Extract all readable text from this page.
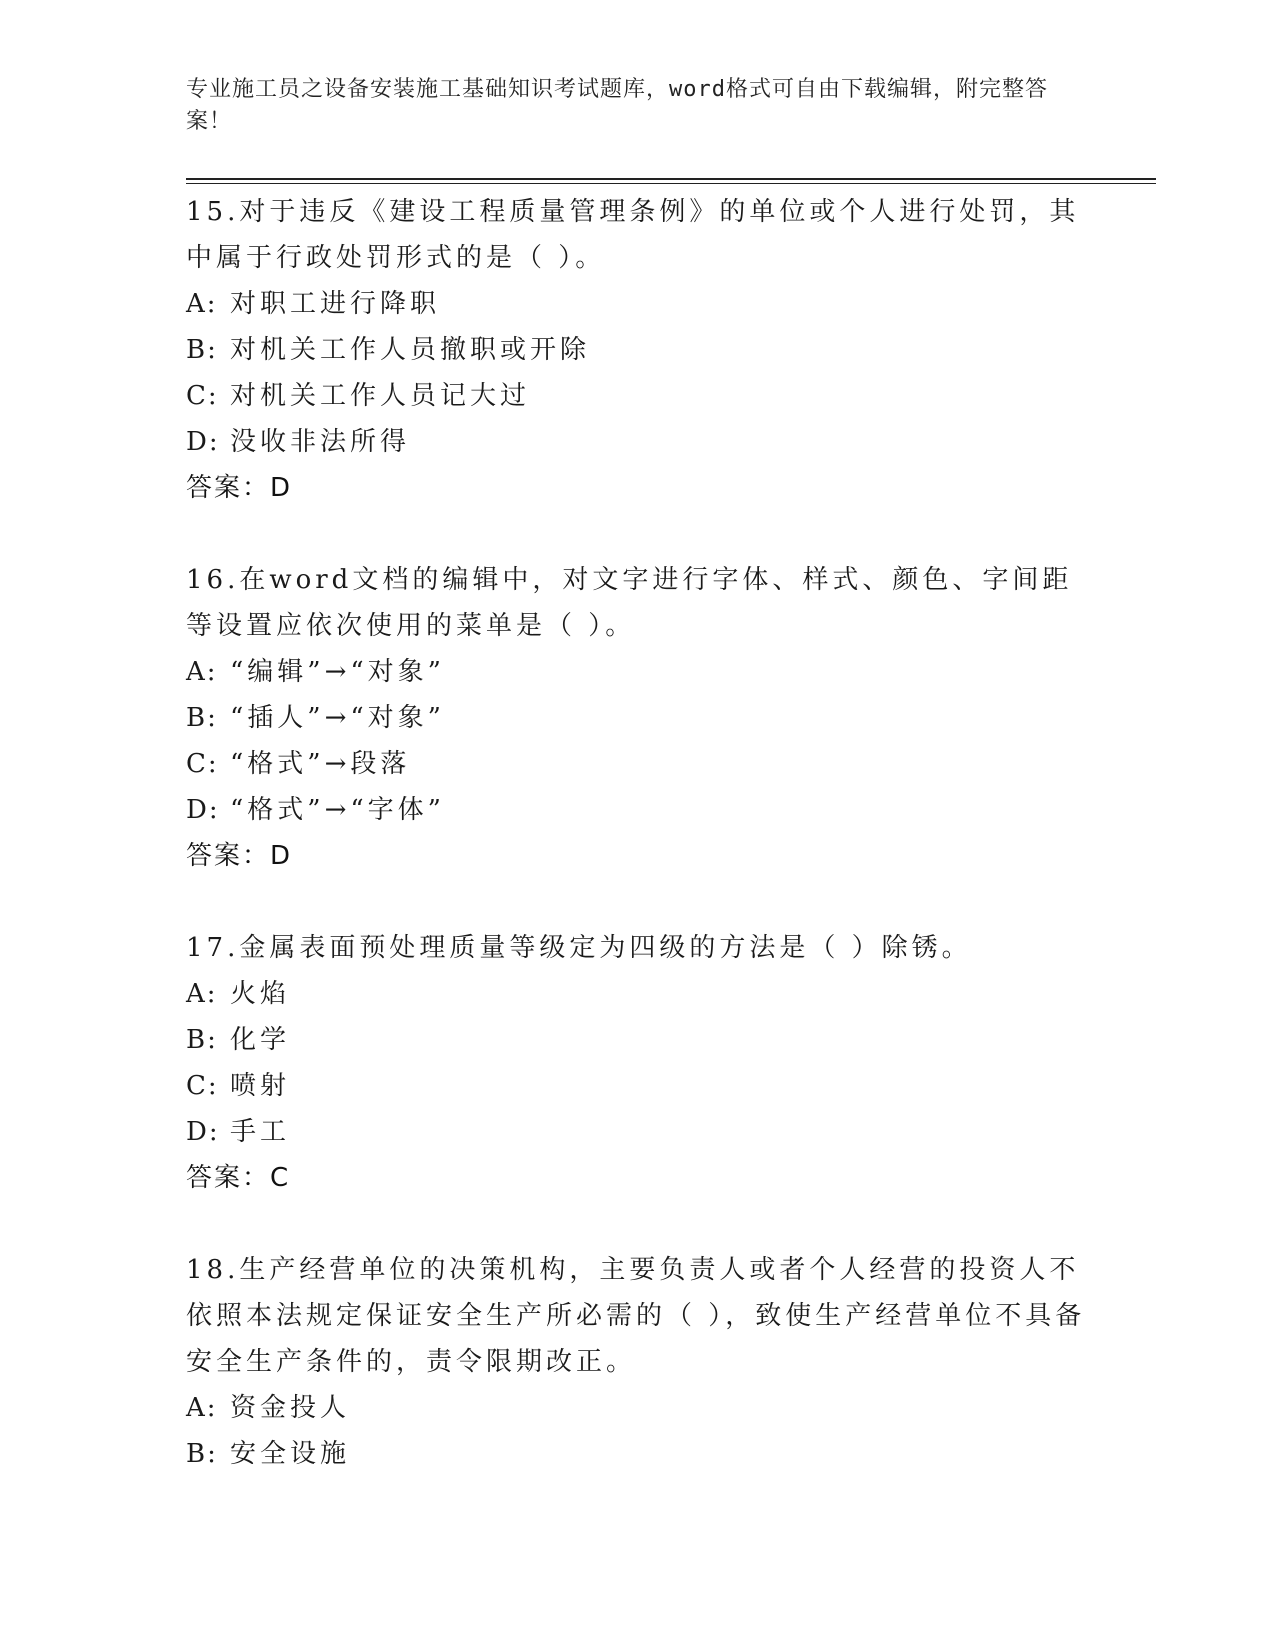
专业施工员之设备安装施工基础知识考试题库，word格式可自由下载编辑，附完整答案！

15.对于违反《建设工程质量管理条例》的单位或个人进行处罚，其中属于行政处罚形式的是（ ）。

A: 对职工进行降职

B: 对机关工作人员撤职或开除

C: 对机关工作人员记大过

D: 没收非法所得

答案：D

16.在word文档的编辑中，对文字进行字体、样式、颜色、字间距等设置应依次使用的菜单是（ ）。

A: “编辑”→“对象”

B: “插人”→“对象”

C: “格式”→段落

D: “格式”→“字体”

答案：D

17.金属表面预处理质量等级定为四级的方法是（ ）除锈。

A: 火焰

B: 化学

C: 喷射

D: 手工

答案：C

18.生产经营单位的决策机构，主要负责人或者个人经营的投资人不依照本法规定保证安全生产所必需的（ ），致使生产经营单位不具备安全生产条件的，责令限期改正。

A: 资金投人

B: 安全设施
